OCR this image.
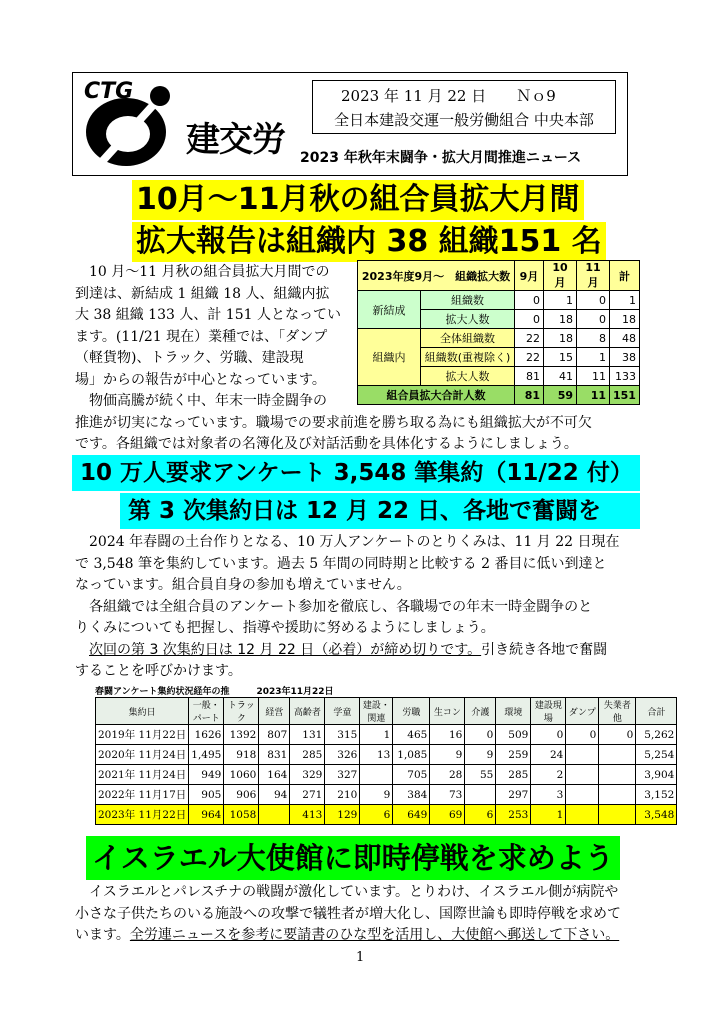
CTG
建交労
2023 年 11 月 22 日　　Ｎｏ9
全日本建設交運一般労働組合 中央本部
2023 年秋年末闘争・拡大月間推進ニュース
10月～11月秋の組合員拡大月間
拡大報告は組織内 38 組織151 名
10 月～11 月秋の組合員拡大月間での
到達は、新結成 1 組織 18 人、組織内拡
大 38 組織 133 人、計 151 人となってい
ます。(11/21 現在）業種では、「ダンプ
（軽貨物)、トラック、労職、建設現
場」からの報告が中心となっています。
物価高騰が続く中、年末一時金闘争の
推進が切実になっています。職場での要求前進を勝ち取る為にも組織拡大が不可欠
です。各組織では対象者の名簿化及び対話活動を具体化するようにしましょう。
2023年度9月～　組織拡大数		9月	10月	11月	計
新結成	組織数	0	1	0	1
	拡大人数	0	18	0	18
組織内	全体組織数	22	18	8	48
	組織数(重複除く)	22	15	1	38
	拡大人数	81	41	11	133
組合員拡大合計人数		81	59	11	151
10 万人要求アンケート 3,548 筆集約（11/22 付）
第 3 次集約日は 12 月 22 日、各地で奮闘を
2024 年春闘の土台作りとなる、10 万人アンケートのとりくみは、11 月 22 日現在
で 3,548 筆を集約しています。過去 5 年間の同時期と比較する 2 番目に低い到達と
なっています。組合員自身の参加も増えていません。
各組織では全組合員のアンケート参加を徹底し、各職場での年末一時金闘争のと
りくみについても把握し、指導や援助に努めるようにしましょう。
次回の第 3 次集約日は 12 月 22 日（必着）が締め切りです。引き続き各地で奮闘
することを呼びかけます。
春闘アンケート集約状況経年の推　　　2023年11月22日
集約日	一般・パート	トラック	経営	高齢者	学童	建設・関連	労職	生コン	介護	環境	建設現場	ダンプ	失業者他	合計
2019年 11月22日	1626	1392	807	131	315	1	465	16	0	509	0	0	0	5,262
2020年 11月24日	1,495	918	831	285	326	13	1,085	9	9	259	24			5,254
2021年 11月24日	949	1060	164	329	327		705	28	55	285	2			3,904
2022年 11月17日	905	906	94	271	210	9	384	73		297	3			3,152
2023年 11月22日	964	1058		413	129	6	649	69	6	253	1			3,548
イスラエル大使館に即時停戦を求めよう
イスラエルとパレスチナの戦闘が激化しています。とりわけ、イスラエル側が病院や
小さな子供たちのいる施設への攻撃で犠牲者が増大化し、国際世論も即時停戦を求めて
います。全労連ニュースを参考に要請書のひな型を活用し、大使館へ郵送して下さい。
1
